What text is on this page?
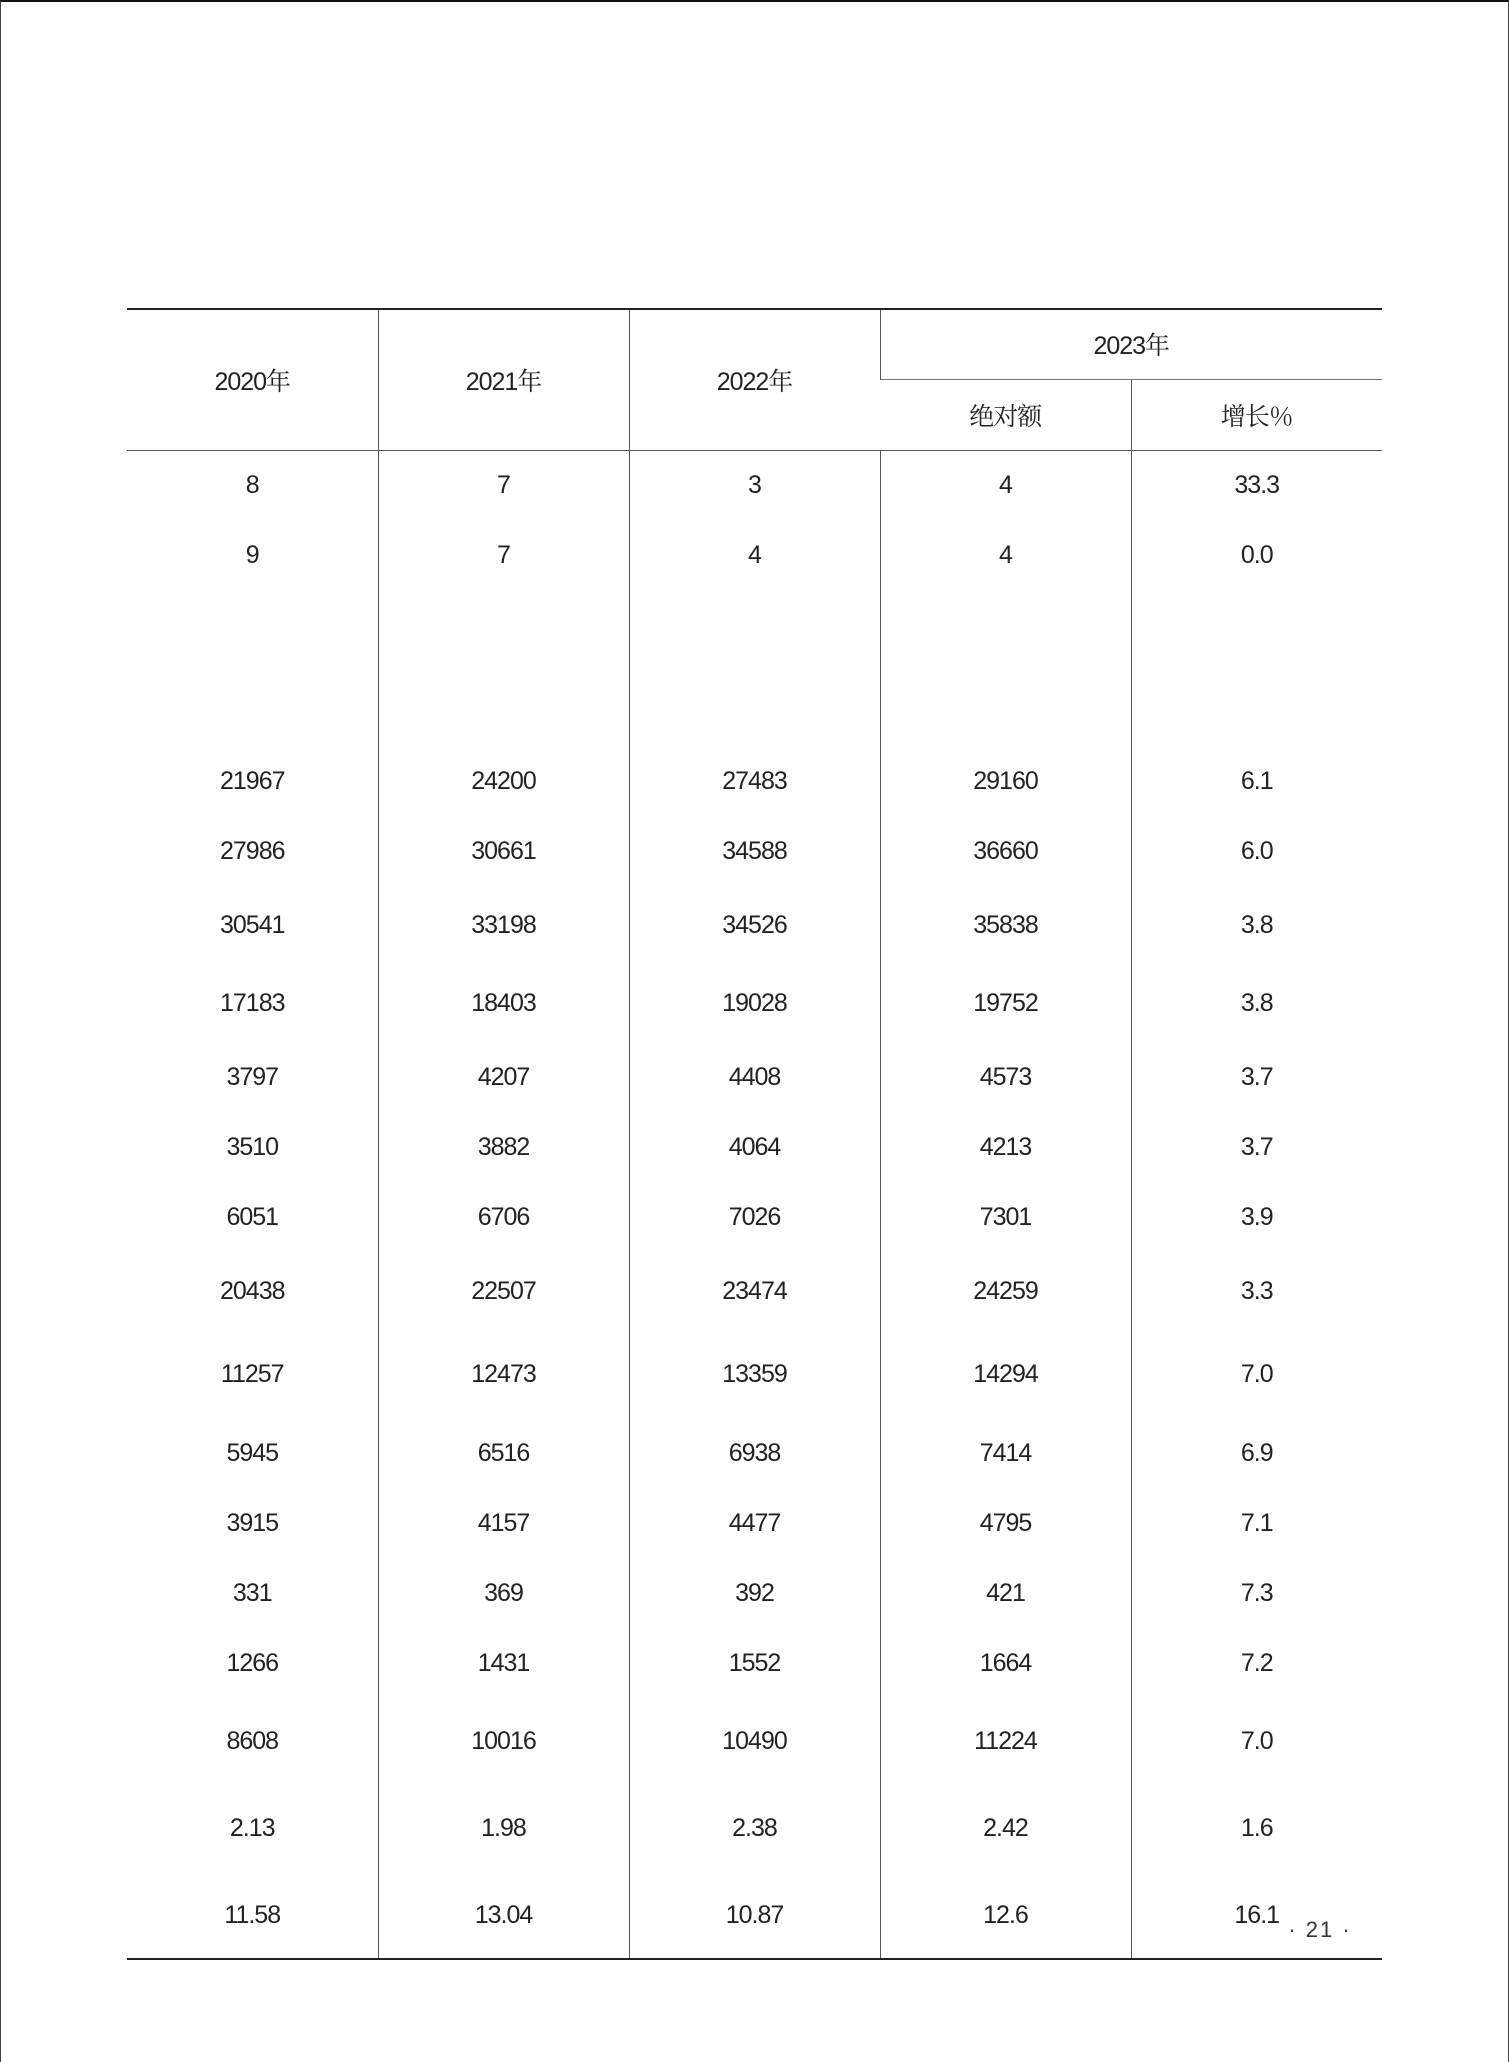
2020年	2021年	2022年	2023年	
			绝对额	增长％
8	7	3	4	33.3
9	7	4	4	0.0

21967	24200	27483	29160	6.1
27986	30661	34588	36660	6.0
30541	33198	34526	35838	3.8
17183	18403	19028	19752	3.8
3797	4207	4408	4573	3.7
3510	3882	4064	4213	3.7
6051	6706	7026	7301	3.9
20438	22507	23474	24259	3.3
11257	12473	13359	14294	7.0
5945	6516	6938	7414	6.9
3915	4157	4477	4795	7.1
331	369	392	421	7.3
1266	1431	1552	1664	7.2
8608	10016	10490	11224	7.0
2.13	1.98	2.38	2.42	1.6
11.58	13.04	10.87	12.6	16.1
· 21 ·
